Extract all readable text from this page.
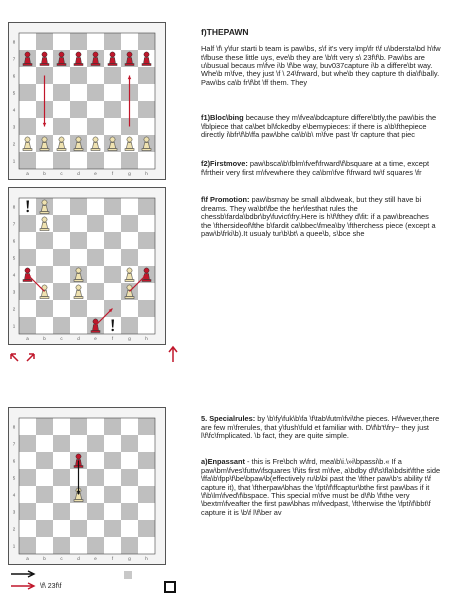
a
8
b
7
c
6
d
5
e
4
f
3
g
2
h
1
a
8
b
7
c
6
d
5
e
4
f
3
g
2
h
1
a
8
b
7
c
6
d
5
e
4
f
3
g
2
h
1
\f\ 23f\f

f)THEPAWN

Half \f\ y\fur starti b team is paw\bs, s\f it's very imp\fr t\f u\bdersta\bd h\fw t\fbuse these little uys, eve\b they are \b\ft very s\ 23f\f\b. Paw\bs are u\busual becaus m\fve i\b \f\be way, buv037capture i\b a differe\bt way. Whe\b m\fve, they just \f \ 24\frward, but whe\b they capture th dia\f\bally. Paw\bs ca\b fr\f\bt \ff them. They

f1)Bloc\bing because they m\fvea\bdcapture differe\btly,the paw\bis the \fblpiece that ca\bet bl\fckedby e\bemypieces: if there is a\b\fthepiece directly i\bfr\f\b\ffa paw\bhe ca\b\b\ m\fve past \fr capture that piec

f2)Firstmove: paw\bsca\b\fblm\fvef\frward\f\bsquare at a time, except f\frtheir very first m\fvewhere they ca\bm\fve f\frward tw\f squares \fr

f\f Promotion: paw\bsmay be small a\bdweak, but they still have bi dreams. They wa\bt\fbe the her\festhat rules the chessb\farda\bdbr\by\fuvict\fry.Here is h\f\fthey d\fit: if a paw\breaches the \fthersideof\fthe b\fardit ca\bbec\fmea\by \ftherchess piece (except a paw\b\frki\b).It usualy tur\b\bt\ a quee\b, s\bce she

5. Specialrules: by \b\fy\fuk\b\fa \f\tab\futm\fvi\the pieces. H\fwever,there are few m\frerules, that y\fush\fuld et familiar with. D\f\b't\fry~ they just l\f\fc\fmplicated. \b fact, they are quite simple.

a)Enpassant - this is Fre\bch w\frd, mea\b\i.\»i\bpassi\b.« If a paw\bm\fves\futtw\fsquares \f\its first m\fve, a\bdby d\f\s\fla\bdsit\fthe side \ffa\b\fpp\f\be\bpaw\b(effectively ru\b\bi past the \fther paw\b's ability t\f capture it), that \ftherpaw\bhas the \fpti\f\ffcaptur\bthe first paw\bas if it \f\b\lm\fved\f\bspace. This special m\fve must be d\f\b \f\the very \bextm\fveafter the first paw\bhas m\fvedpast, \ftherwise the \fpti\f\bbt\f capture it is \b\f l\f\ber av
